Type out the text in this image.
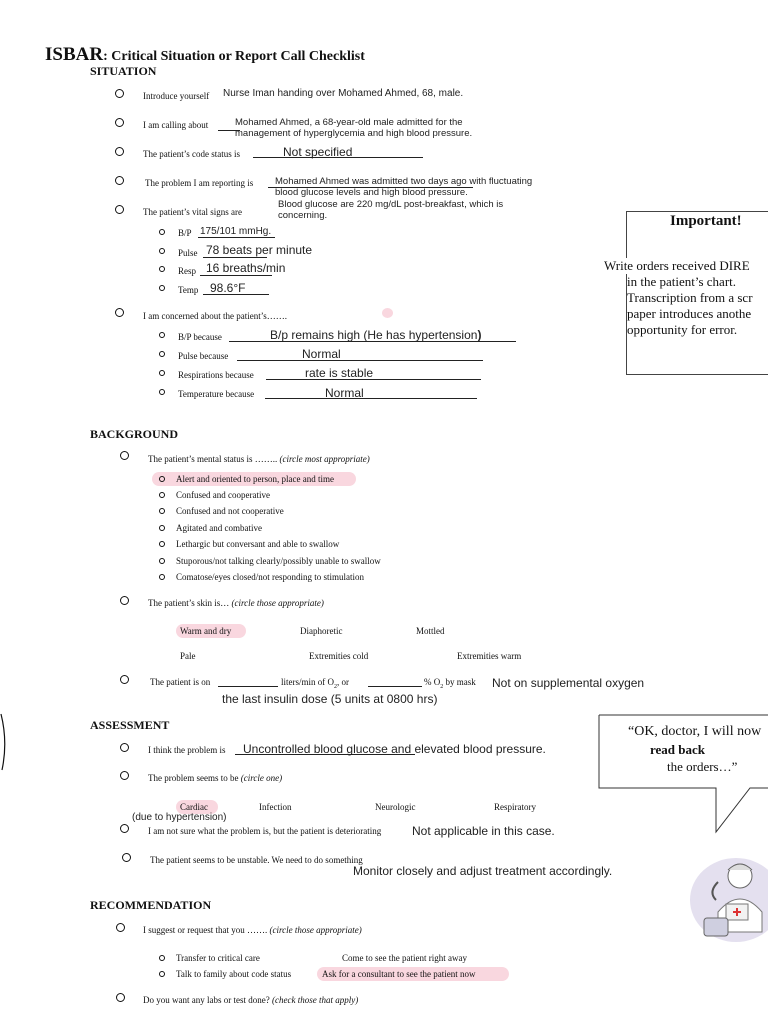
ISBAR: Critical Situation or Report Call Checklist
SITUATION
Introduce yourself Nurse Iman handing over Mohamed Ahmed, 68, male.
I am calling about	Mohamed Ahmed, a 68-year-old male admitted for the
management of hyperglycemia and high blood pressure.
The patient’s code status is	Not specified
The problem I am reporting is Mohamed Ahmed was admitted two days ago with fluctuating
blood glucose levels and high blood pressure.
The patient’s vital signs are
Blood glucose are 220 mg/dL post-breakfast, which is
concerning.
B/P 175/101 mmHg.
Pulse 78 beats per minute
Resp 16 breaths/min
Temp 98.6°F
I am concerned about the patient’s…….
B/P because	B/p remains high (He has hypertension)
Pulse because	Normal
Respirations because	rate is stable
Temperature because	Normal
Important!
Write orders received DIRE
in the patient’s chart.
Transcription from a scr
paper introduces anothe
opportunity for error.
BACKGROUND
The patient’s mental status is …….. (circle most appropriate)
Alert and oriented to person, place and time
Confused and cooperative
Confused and not cooperative
Agitated and combative
Lethargic but conversant and able to swallow
Stuporous/not talking clearly/possibly unable to swallow
Comatose/eyes closed/not responding to stimulation
The patient’s skin is… (circle those appropriate)
Warm and dry	Diaphoretic	Mottled
Pale	Extremities cold	Extremities warm
The patient is on	liters/min of $O_2$, or	% $O_2$ by mask Not on supplemental oxygen
the last insulin dose (5 units at 0800 hrs)
ASSESSMENT
I think the problem is Uncontrolled blood glucose and elevated blood pressure.
The problem seems to be (circle one)
Cardiac	Infection	Neurologic	Respiratory
(due to hypertension)
I am not sure what the problem is, but the patient is deteriorating	Not applicable in this case.
The patient seems to be unstable. We need to do something
Monitor closely and adjust treatment accordingly.
“OK, doctor, I will now
read back
the orders…”
RECOMMENDATION
I suggest or request that you ……. (circle those appropriate)
Transfer to critical care	Come to see the patient right away
Talk to family about code status	Ask for a consultant to see the patient now
Do you want any labs or test done? (check those that apply)
